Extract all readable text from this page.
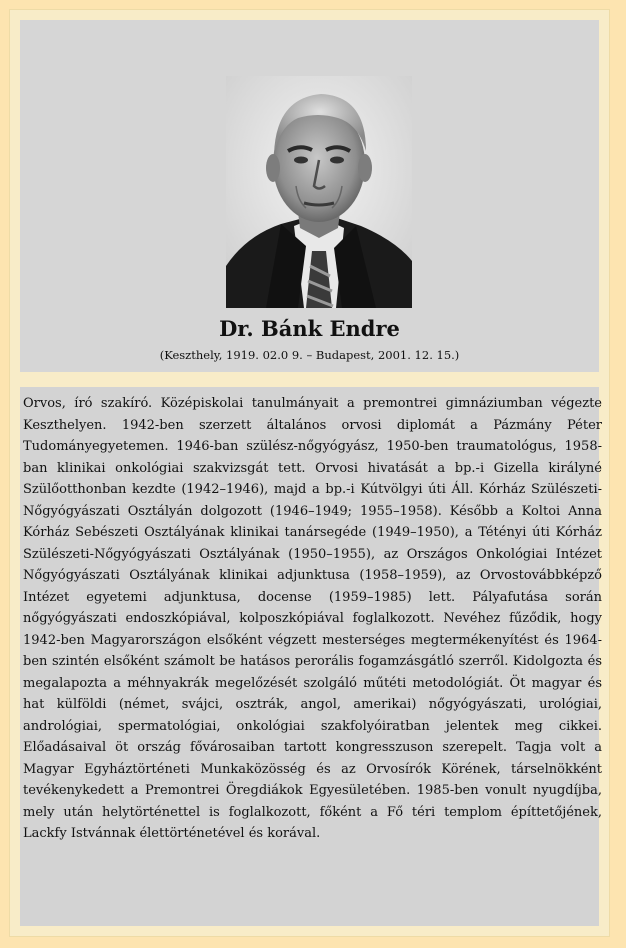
Dr. Bánk Endre
(Keszthely, 1919. 02.0 9. – Budapest, 2001. 12. 15.)

Orvos, író szakíró. Középiskolai tanulmányait a premontrei gimnáziumban végezte Keszthelyen. 1942-ben szerzett általános orvosi diplomát a Pázmány Péter Tudományegyetemen. 1946-ban szülész-nőgyógyász, 1950-ben traumatológus, 1958-ban klinikai onkológiai szakvizsgát tett. Orvosi hivatását a bp.-i Gizella királyné Szülőotthonban kezdte (1942–1946), majd a bp.-i Kútvölgyi úti Áll. Kórház Szülészeti-Nőgyógyászati Osztályán dolgozott (1946–1949; 1955–1958). Később a Koltoi Anna Kórház Sebészeti Osztályának klinikai tanársegéde (1949–1950), a Tétényi úti Kórház Szülészeti-Nőgyógyászati Osztályának (1950–1955), az Országos Onkológiai Intézet Nőgyógyászati Osztályának klinikai adjunktusa (1958–1959), az Orvostovábbképző Intézet egyetemi adjunktusa, docense (1959–1985) lett. Pályafutása során nőgyógyászati endoszkópiával, kolposzkópiával foglalkozott. Nevéhez fűződik, hogy 1942-ben Magyarországon elsőként végzett mesterséges megtermékenyítést és 1964-ben szintén elsőként számolt be hatásos perorális fogamzásgátló szerről. Kidolgozta és megalapozta a méhnyakrák megelőzését szolgáló műtéti metodológiát. Öt magyar és hat külföldi (német, svájci, osztrák, angol, amerikai) nőgyógyászati, urológiai, andrológiai, spermatológiai, onkológiai szakfolyóiratban jelentek meg cikkei. Előadásaival öt ország fővárosaiban tartott kongresszuson szerepelt. Tagja volt a Magyar Egyháztörténeti Munkaközösség és az Orvosírók Körének, társelnökként tevékenykedett a Premontrei Öregdiákok Egyesületében. 1985-ben vonult nyugdíjba, mely után helytörténettel is foglalkozott, főként a Fő téri templom építtetőjének, Lackfy Istvánnak élettörténetével és korával.
